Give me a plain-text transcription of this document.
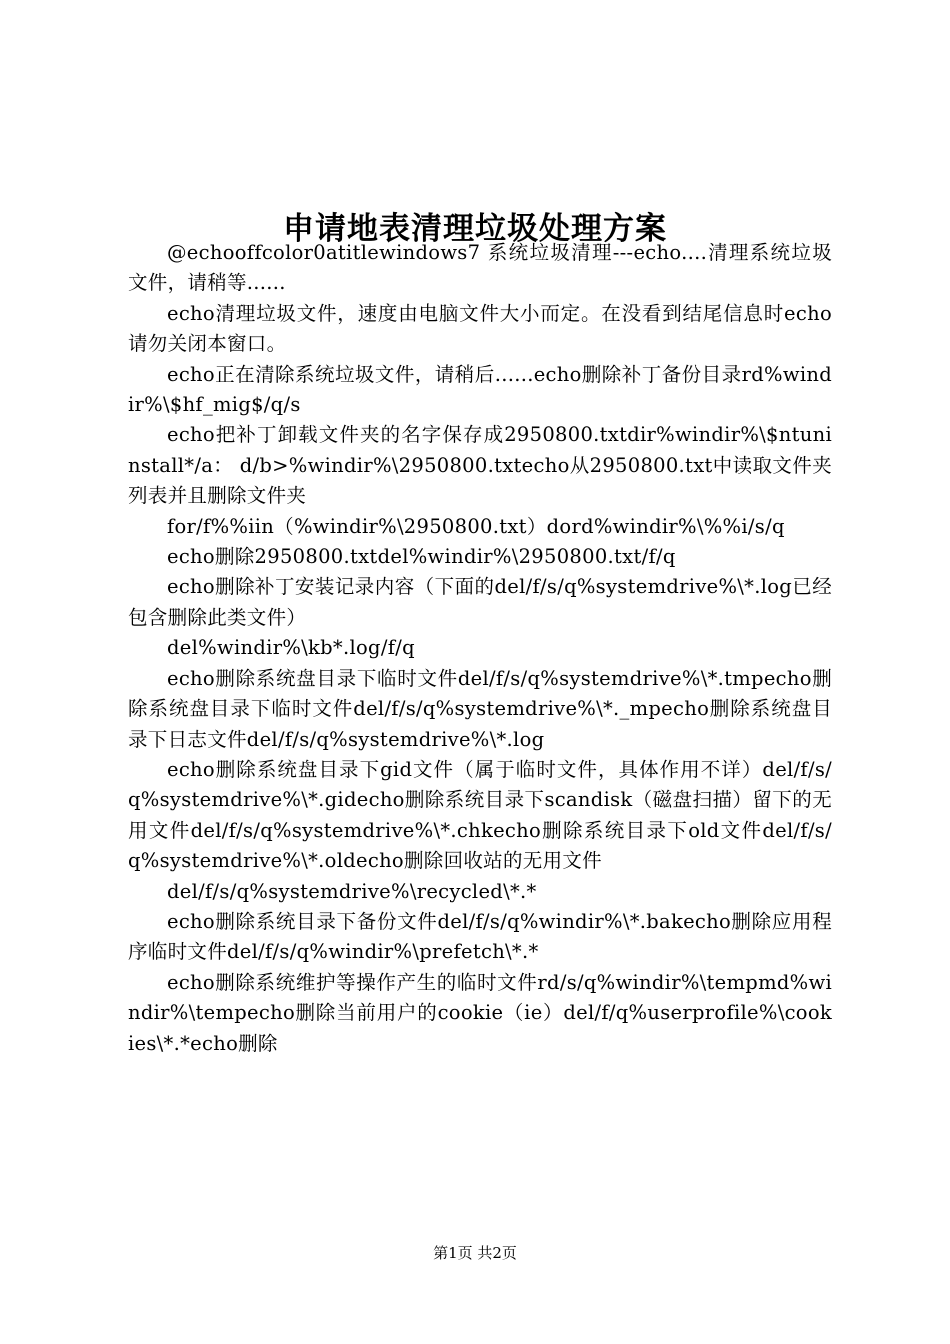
申请地表清理垃圾处理方案

@echooffcolor0atitlewindows7 系统垃圾清理---echo....清理系统垃圾文件，请稍等......

echo清理垃圾文件，速度由电脑文件大小而定。在没看到结尾信息时echo请勿关闭本窗口。

echo正在清除系统垃圾文件，请稍后......echo删除补丁备份目录rd%windir%\$hf_mig$/q/s

echo把补丁卸载文件夹的名字保存成2950800.txtdir%windir%\$ntuninstall*/a： d/b>%windir%\2950800.txtecho从2950800.txt中读取文件夹列表并且删除文件夹

for/f%%iin（%windir%\2950800.txt）dord%windir%\%%i/s/q

echo删除2950800.txtdel%windir%\2950800.txt/f/q

echo删除补丁安装记录内容（下面的del/f/s/q%systemdrive%\*.log已经包含删除此类文件）

del%windir%\kb*.log/f/q

echo删除系统盘目录下临时文件del/f/s/q%systemdrive%\*.tmpecho删除系统盘目录下临时文件del/f/s/q%systemdrive%\*._mpecho删除系统盘目录下日志文件del/f/s/q%systemdrive%\*.log

echo删除系统盘目录下gid文件（属于临时文件，具体作用不详）del/f/s/q%systemdrive%\*.gidecho删除系统目录下scandisk（磁盘扫描）留下的无用文件del/f/s/q%systemdrive%\*.chkecho删除系统目录下old文件del/f/s/q%systemdrive%\*.oldecho删除回收站的无用文件

del/f/s/q%systemdrive%\recycled\*.*

echo删除系统目录下备份文件del/f/s/q%windir%\*.bakecho删除应用程序临时文件del/f/s/q%windir%\prefetch\*.*

echo删除系统维护等操作产生的临时文件rd/s/q%windir%\tempmd%windir%\tempecho删除当前用户的cookie（ie）del/f/q%userprofile%\cookies\*.*echo删除

第1页 共2页
